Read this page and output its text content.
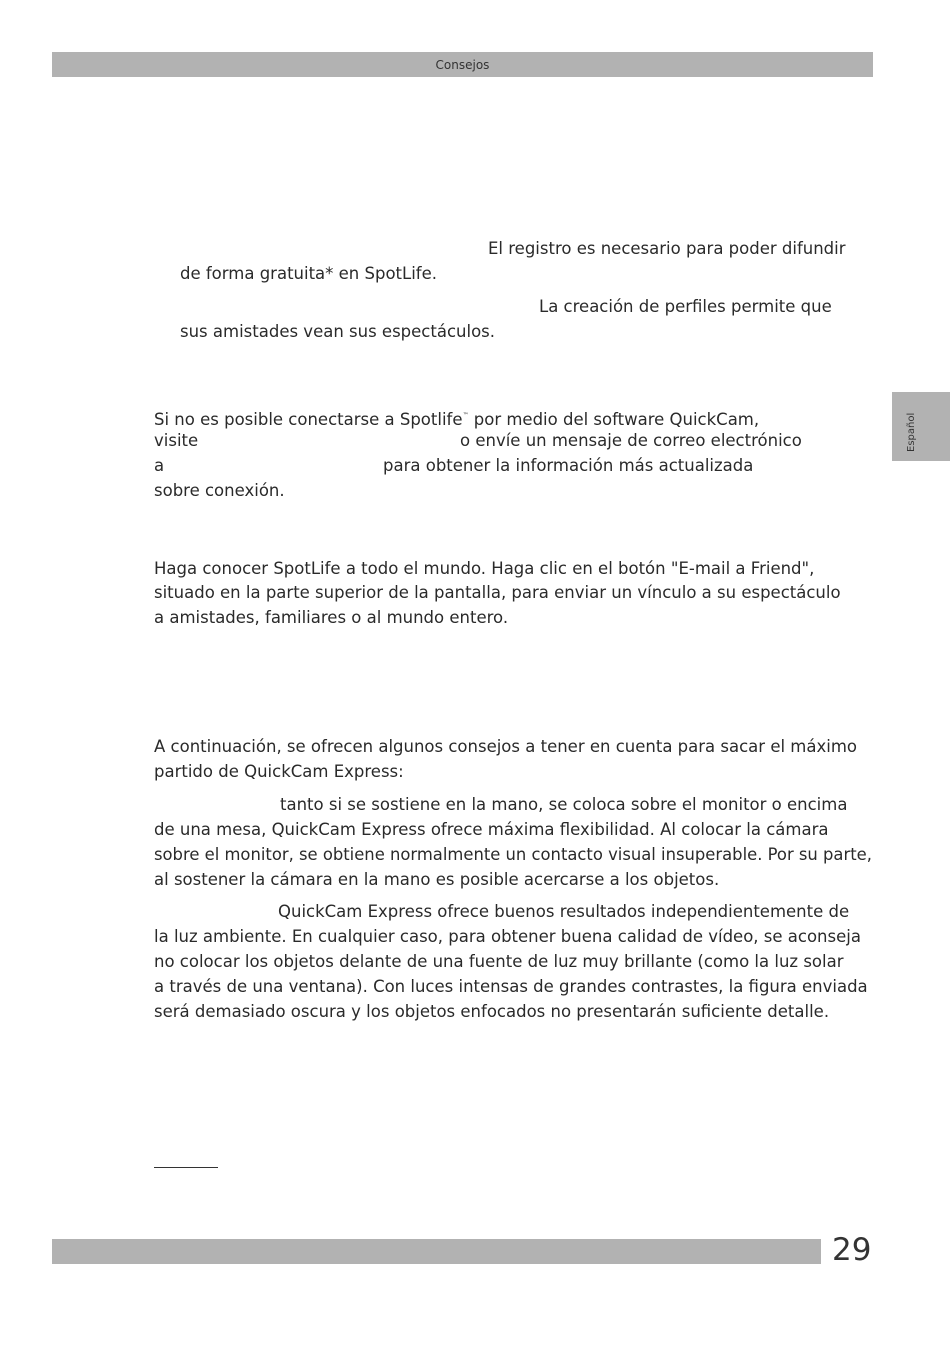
Consejos
Español
El registro es necesario para poder difundir
de forma gratuita* en SpotLife.
La creación de perfiles permite que
sus amistades vean sus espectáculos.
Si no es posible conectarse a Spotlife™ por medio del software QuickCam,
visite	o envíe un mensaje de correo electrónico
a	para obtener la información más actualizada
sobre conexión.
Haga conocer SpotLife a todo el mundo. Haga clic en el botón "E-mail a Friend",
situado en la parte superior de la pantalla, para enviar un vínculo a su espectáculo
a amistades, familiares o al mundo entero.
A continuación, se ofrecen algunos consejos a tener en cuenta para sacar el máximo
partido de QuickCam Express:
tanto si se sostiene en la mano, se coloca sobre el monitor o encima
de una mesa, QuickCam Express ofrece máxima flexibilidad. Al colocar la cámara
sobre el monitor, se obtiene normalmente un contacto visual insuperable. Por su parte,
al sostener la cámara en la mano es posible acercarse a los objetos.
QuickCam Express ofrece buenos resultados independientemente de
la luz ambiente. En cualquier caso, para obtener buena calidad de vídeo, se aconseja
no colocar los objetos delante de una fuente de luz muy brillante (como la luz solar
a través de una ventana). Con luces intensas de grandes contrastes, la figura enviada
será demasiado oscura y los objetos enfocados no presentarán suficiente detalle.
29
